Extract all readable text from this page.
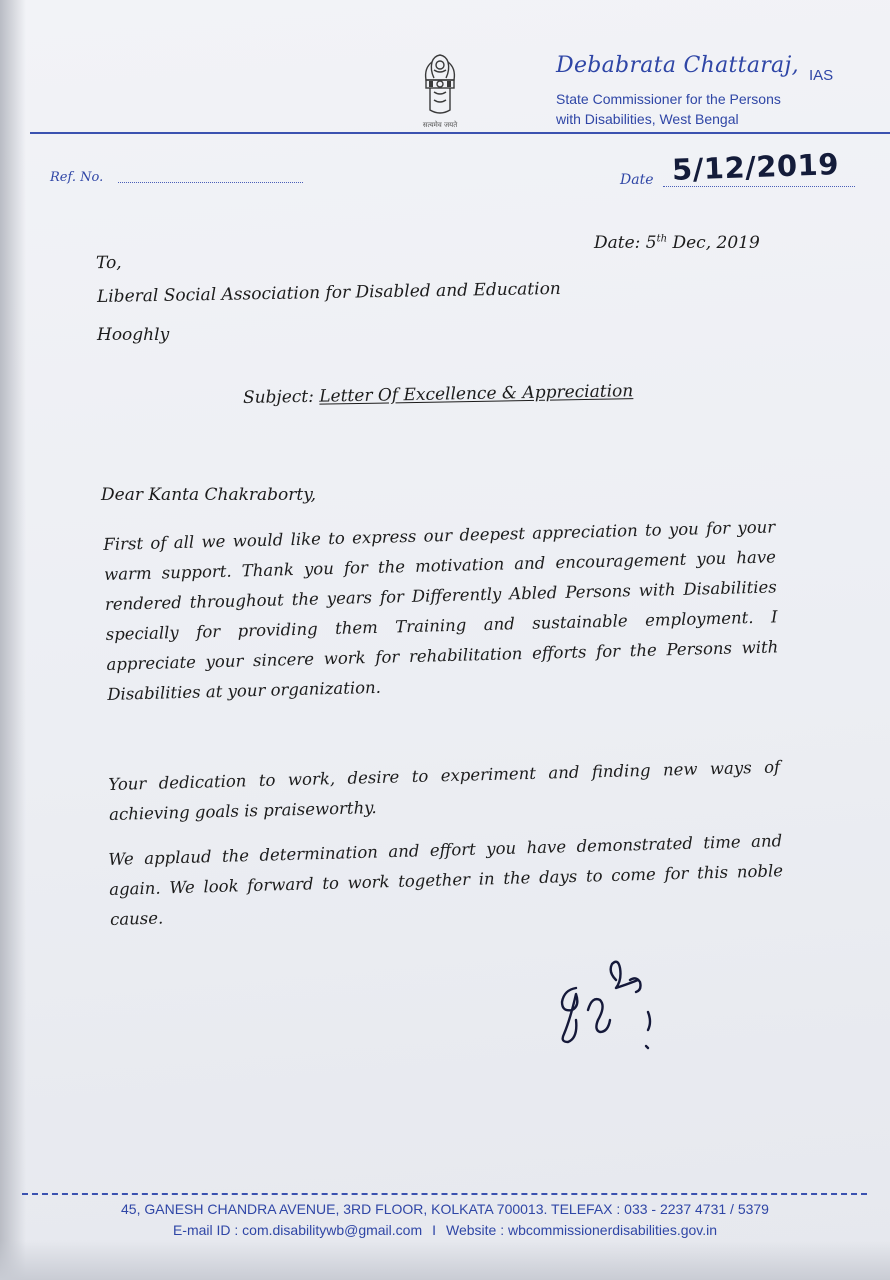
सत्यमेव जयते
Debabrata Chattaraj, IAS
State Commissioner for the Persons
with Disabilities, West Bengal
Ref. No.	Date 5/12/2019
Date: 5th Dec, 2019
To,
Liberal Social Association for Disabled and Education
Hooghly
Subject: Letter Of Excellence & Appreciation
Dear Kanta Chakraborty,
First of all we would like to express our deepest appreciation to you for your
warm support. Thank you for the motivation and encouragement you have
rendered throughout the years for Differently Abled Persons with Disabilities
specially for providing them Training and sustainable employment. I
appreciate your sincere work for rehabilitation efforts for the Persons with
Disabilities at your organization.
Your dedication to work, desire to experiment and finding new ways of
achieving goals is praiseworthy.
We applaud the determination and effort you have demonstrated time and
again. We look forward to work together in the days to come for this noble
cause.
45, GANESH CHANDRA AVENUE, 3RD FLOOR, KOLKATA 700013. TELEFAX : 033 - 2237 4731 / 5379
E-mail ID : com.disabilitywb@gmail.com I Website : wbcommissionerdisabilities.gov.in
